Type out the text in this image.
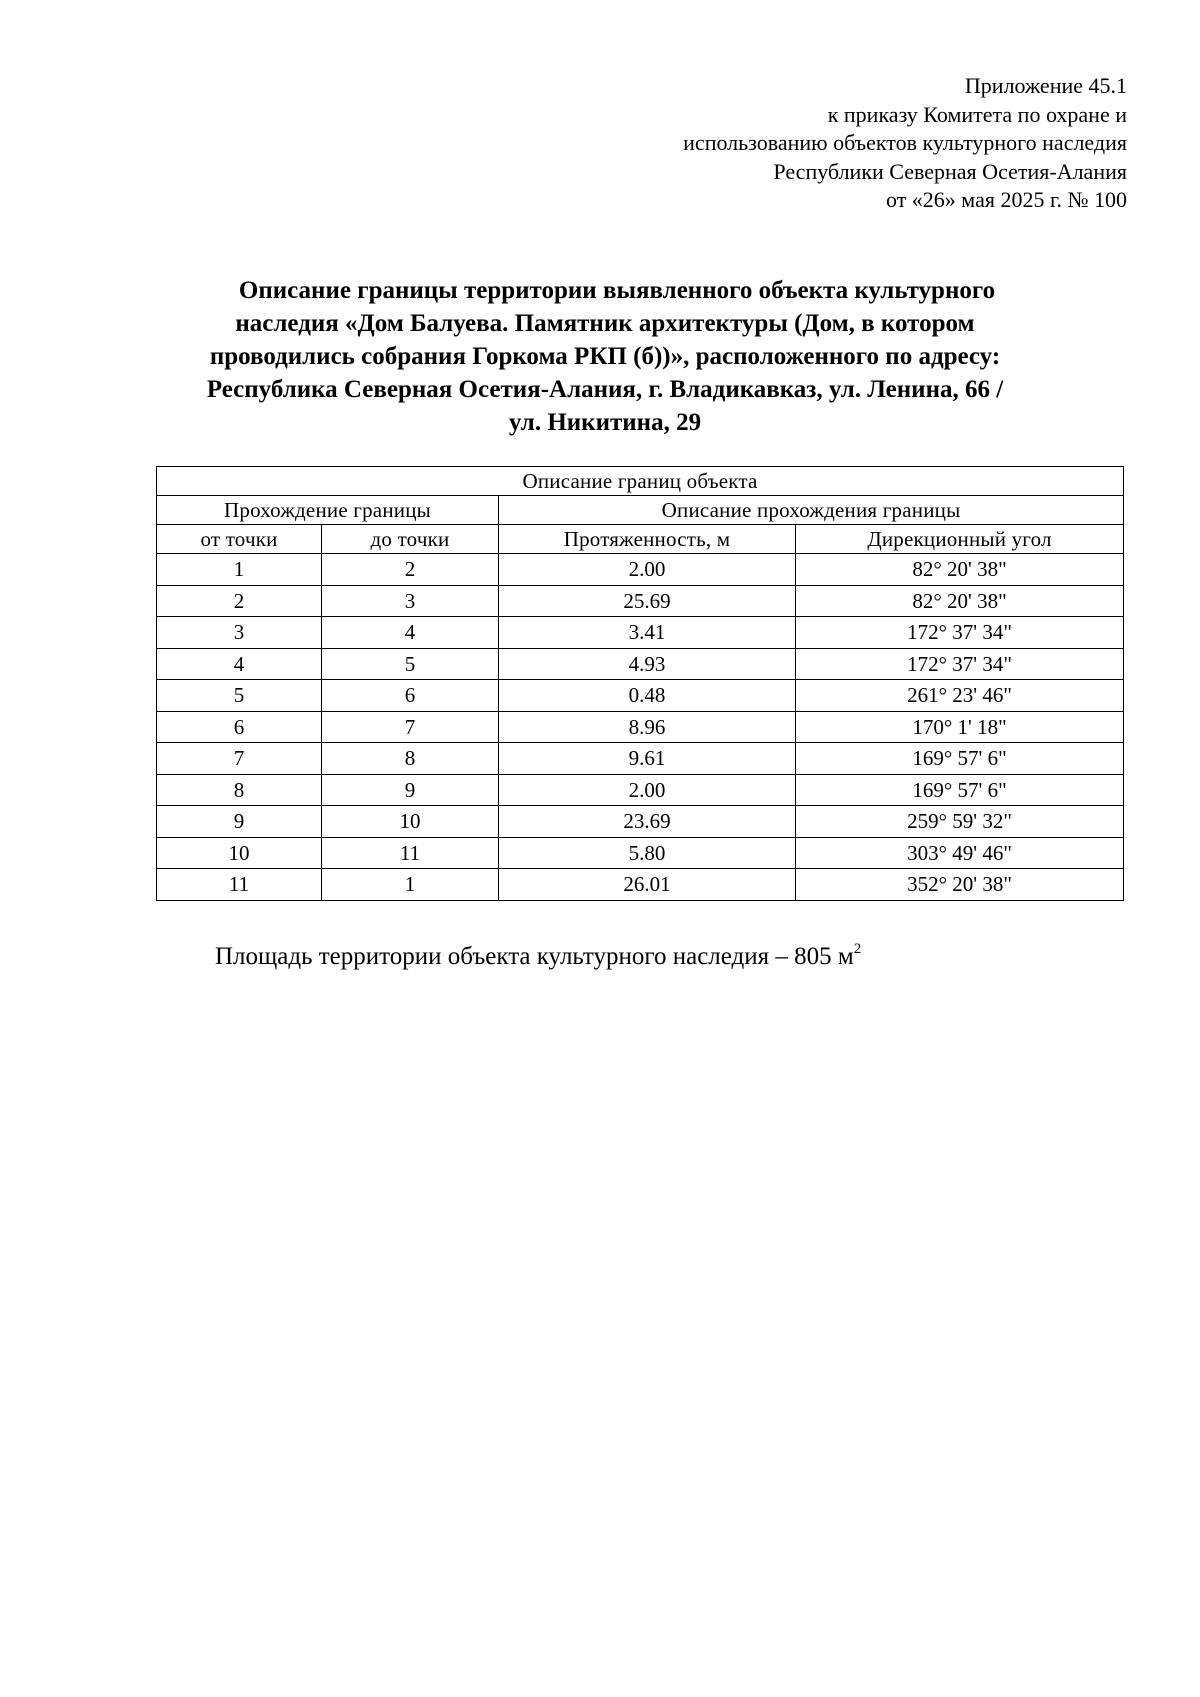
Приложение 45.1
к приказу Комитета по охране и
использованию объектов культурного наследия
Республики Северная Осетия-Алания
от «26» мая 2025 г. № 100
Описание границы территории выявленного объекта культурного
наследия «Дом Балуева. Памятник архитектуры (Дом, в котором
проводились собрания Горкома РКП (б))», расположенного по адресу:
Республика Северная Осетия-Алания, г. Владикавказ, ул. Ленина, 66 /
ул. Никитина, 29
Описание границ объекта			
Прохождение границы		Описание прохождения границы	
от точки	до точки	Протяженность, м	Дирекционный угол
1	2	2.00	82° 20' 38"
2	3	25.69	82° 20' 38"
3	4	3.41	172° 37' 34"
4	5	4.93	172° 37' 34"
5	6	0.48	261° 23' 46"
6	7	8.96	170° 1' 18"
7	8	9.61	169° 57' 6"
8	9	2.00	169° 57' 6"
9	10	23.69	259° 59' 32"
10	11	5.80	303° 49' 46"
11	1	26.01	352° 20' 38"
Площадь территории объекта культурного наследия – 805 $м^2$
